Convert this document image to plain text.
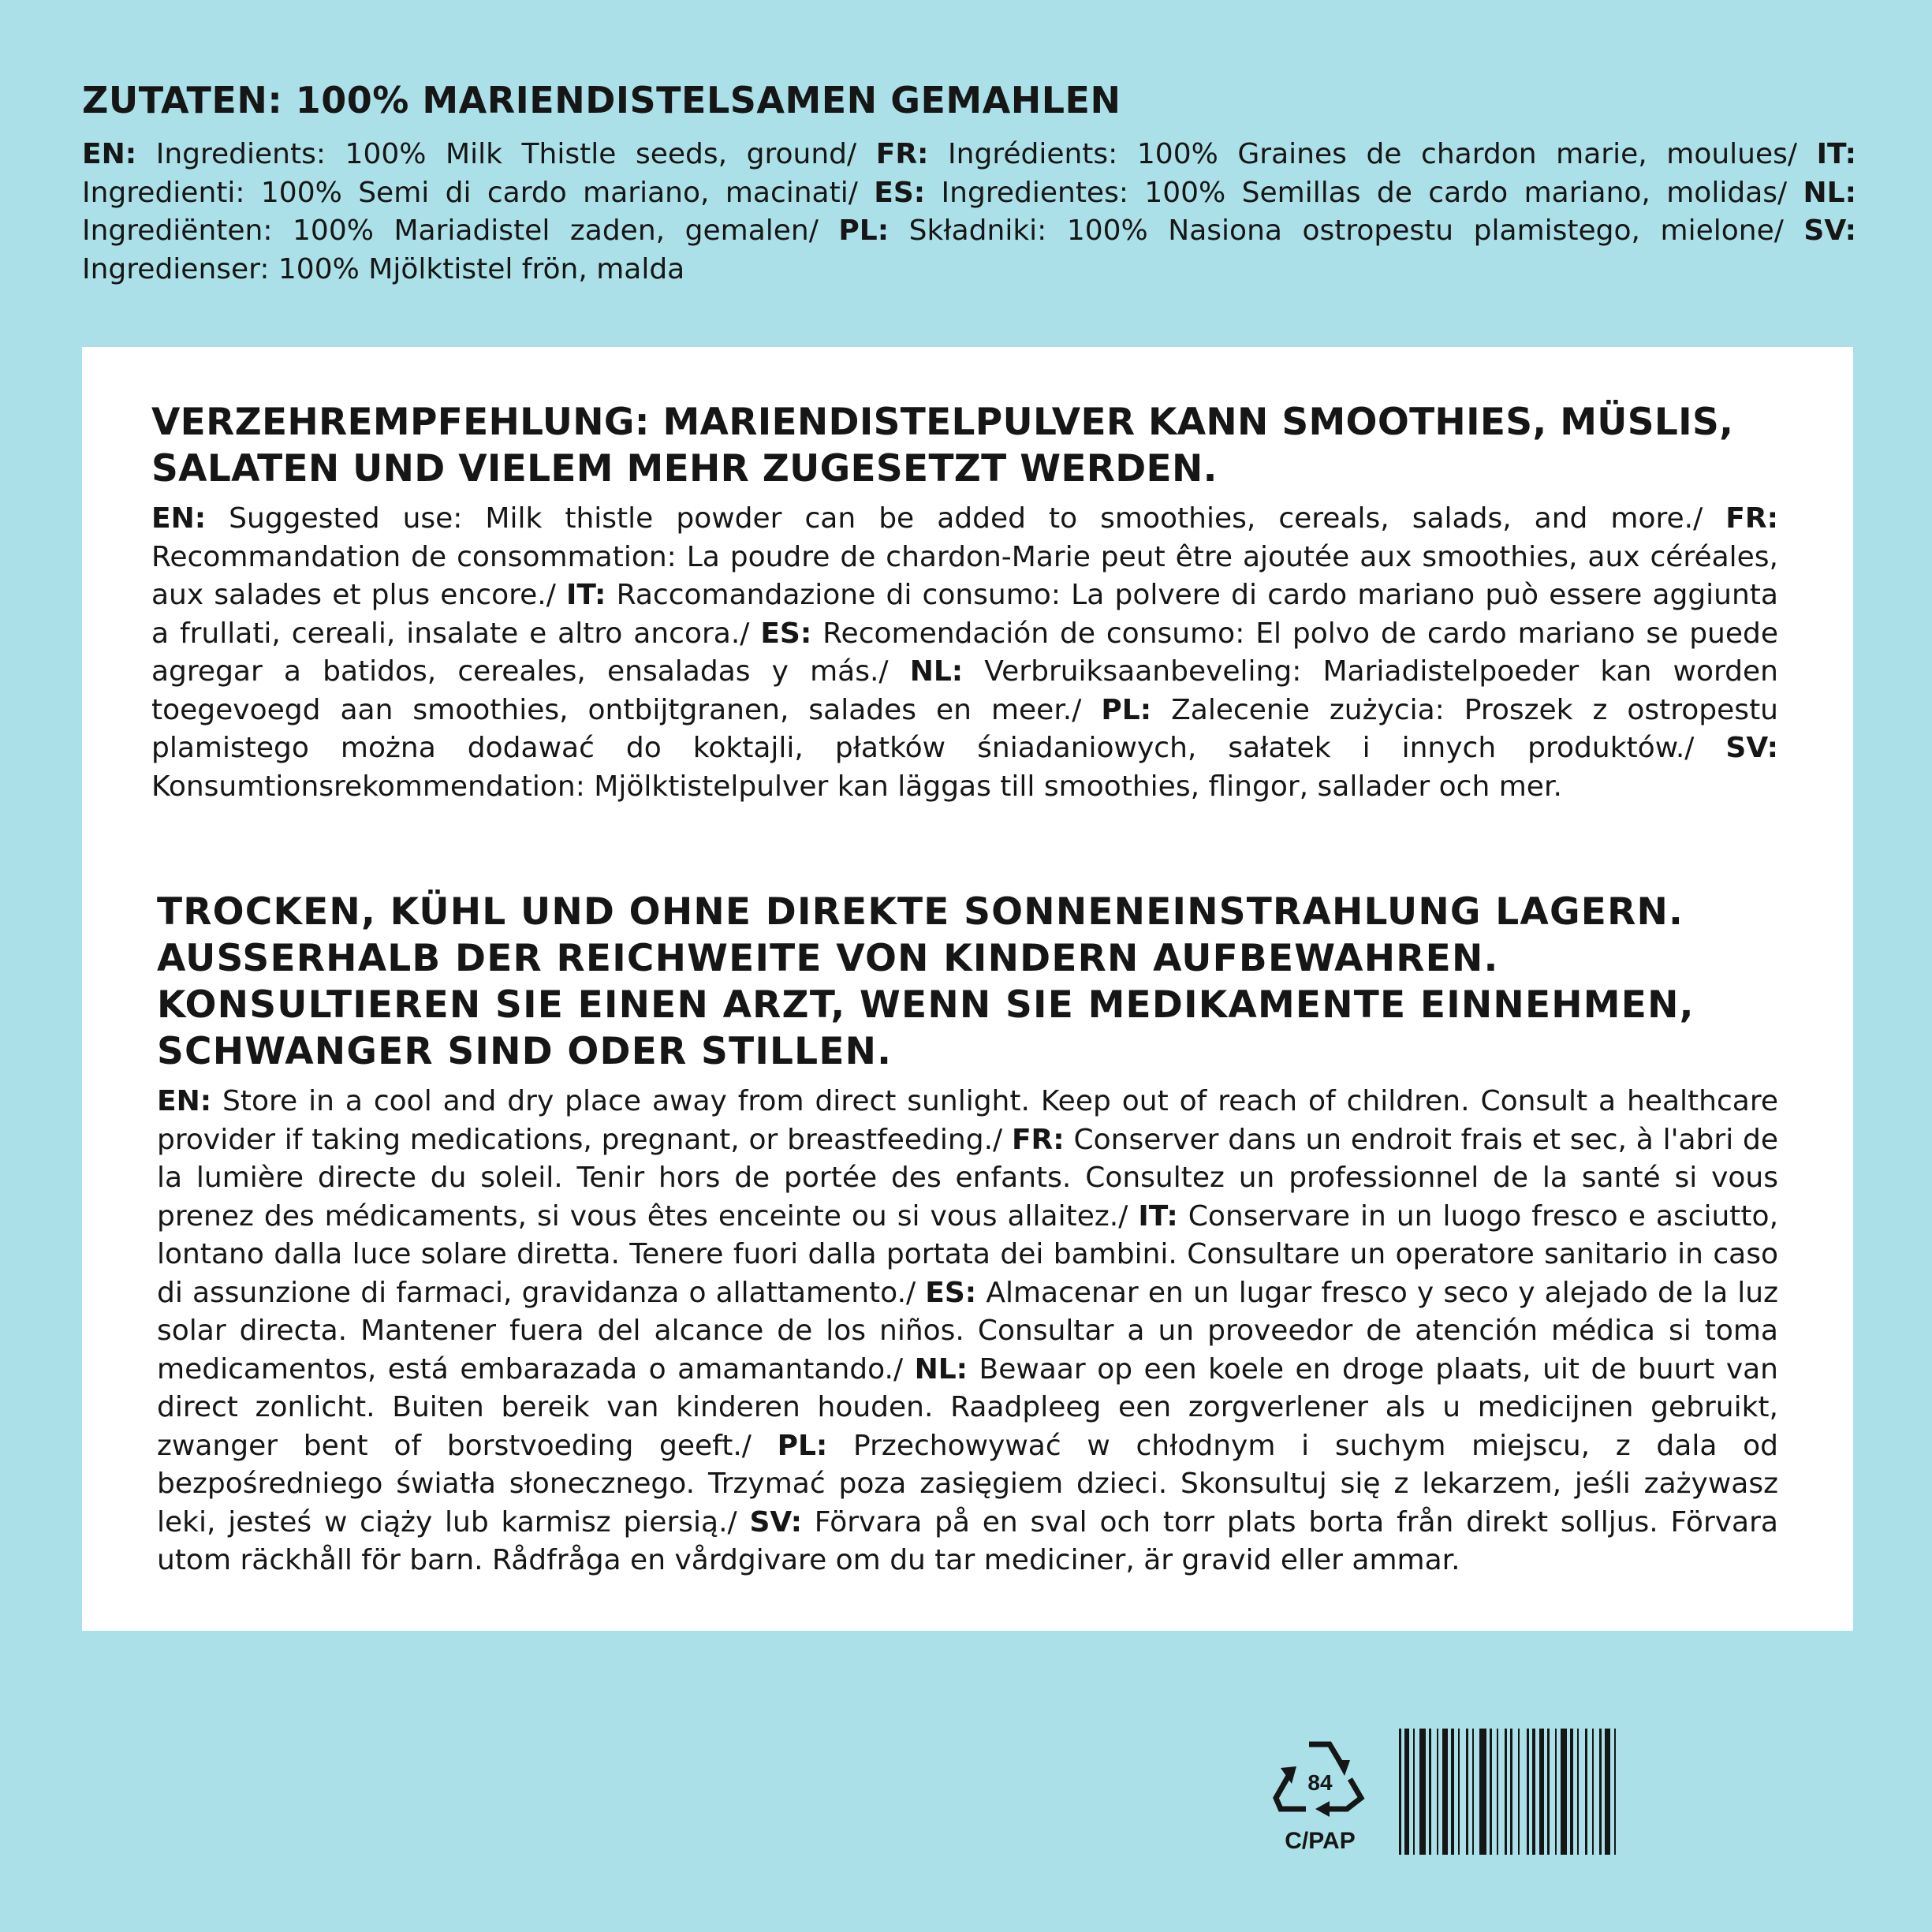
ZUTATEN: 100% MARIENDISTELSAMEN GEMAHLEN

EN: Ingredients: 100% Milk Thistle seeds, ground/ FR: Ingrédients: 100% Graines de chardon marie, moulues/ IT: Ingredienti: 100% Semi di cardo mariano, macinati/ ES: Ingredientes: 100% Semillas de cardo mariano, molidas/ NL: Ingrediënten: 100% Mariadistel zaden, gemalen/ PL: Składniki: 100% Nasiona ostropestu plamistego, mielone/ SV: Ingredienser: 100% Mjölktistel frön, malda

VERZEHREMPFEHLUNG: MARIENDISTELPULVER KANN SMOOTHIES, MÜSLIS, SALATEN UND VIELEM MEHR ZUGESETZT WERDEN.

EN: Suggested use: Milk thistle powder can be added to smoothies, cereals, salads, and more./ FR: Recommandation de consommation: La poudre de chardon-Marie peut être ajoutée aux smoothies, aux céréales, aux salades et plus encore./ IT: Raccomandazione di consumo: La polvere di cardo mariano può essere aggiunta a frullati, cereali, insalate e altro ancora./ ES: Recomendación de consumo: El polvo de cardo mariano se puede agregar a batidos, cereales, ensaladas y más./ NL: Verbruiksaanbeveling: Mariadistelpoeder kan worden toegevoegd aan smoothies, ontbijtgranen, salades en meer./ PL: Zalecenie zużycia: Proszek z ostropestu plamistego można dodawać do koktajli, płatków śniadaniowych, sałatek i innych produktów./ SV: Konsumtionsrekommendation: Mjölktistelpulver kan läggas till smoothies, flingor, sallader och mer.

TROCKEN, KÜHL UND OHNE DIREKTE SONNENEINSTRAHLUNG LAGERN. AUSSERHALB DER REICHWEITE VON KINDERN AUFBEWAHREN. KONSULTIEREN SIE EINEN ARZT, WENN SIE MEDIKAMENTE EINNEHMEN, SCHWANGER SIND ODER STILLEN.

EN: Store in a cool and dry place away from direct sunlight. Keep out of reach of children. Consult a healthcare provider if taking medications, pregnant, or breastfeeding./ FR: Conserver dans un endroit frais et sec, à l'abri de la lumière directe du soleil. Tenir hors de portée des enfants. Consultez un professionnel de la santé si vous prenez des médicaments, si vous êtes enceinte ou si vous allaitez./ IT: Conservare in un luogo fresco e asciutto, lontano dalla luce solare diretta. Tenere fuori dalla portata dei bambini. Consultare un operatore sanitario in caso di assunzione di farmaci, gravidanza o allattamento./ ES: Almacenar en un lugar fresco y seco y alejado de la luz solar directa. Mantener fuera del alcance de los niños. Consultar a un proveedor de atención médica si toma medicamentos, está embarazada o amamantando./ NL: Bewaar op een koele en droge plaats, uit de buurt van direct zonlicht. Buiten bereik van kinderen houden. Raadpleeg een zorgverlener als u medicijnen gebruikt, zwanger bent of borstvoeding geeft./ PL: Przechowywać w chłodnym i suchym miejscu, z dala od bezpośredniego światła słonecznego. Trzymać poza zasięgiem dzieci. Skonsultuj się z lekarzem, jeśli zażywasz leki, jesteś w ciąży lub karmisz piersią./ SV: Förvara på en sval och torr plats borta från direkt solljus. Förvara utom räckhåll för barn. Rådfråga en vårdgivare om du tar mediciner, är gravid eller ammar.

84
C/PAP
